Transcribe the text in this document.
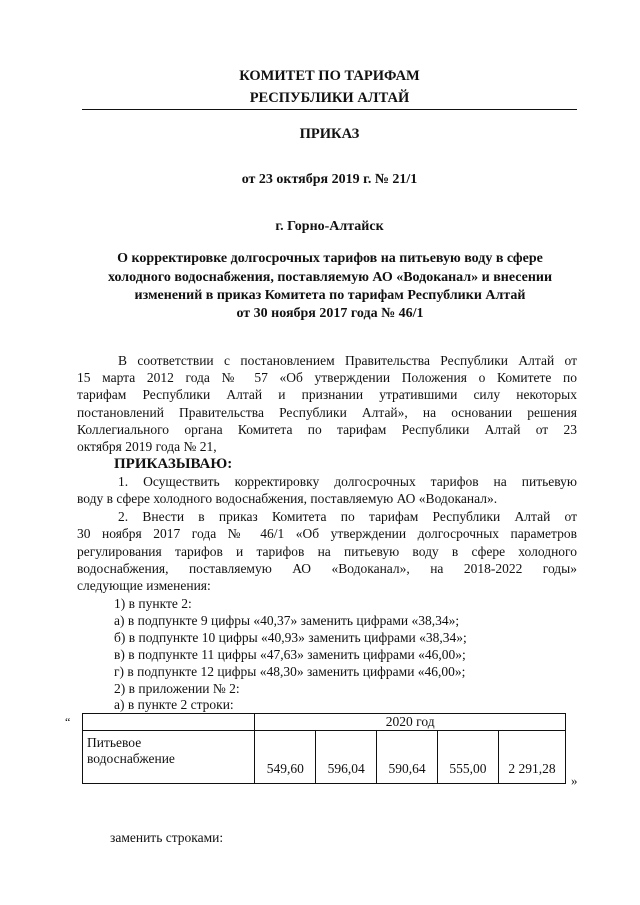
КОМИТЕТ ПО ТАРИФАМ
РЕСПУБЛИКИ АЛТАЙ
ПРИКАЗ
от 23 октября 2019 г. № 21/1
г. Горно-Алтайск
О корректировке долгосрочных тарифов на питьевую воду в сфере
холодного водоснабжения, поставляемую АО «Водоканал» и внесении
изменений в приказ Комитета по тарифам Республики Алтай
от 30 ноября 2017 года № 46/1
В соответствии с постановлением Правительства Республики Алтай от
15 марта 2012 года № 57 «Об утверждении Положения о Комитете по
тарифам Республики Алтай и признании утратившими силу некоторых
постановлений Правительства Республики Алтай», на основании решения
Коллегиального органа Комитета по тарифам Республики Алтай от 23
октября 2019 года № 21,
ПРИКАЗЫВАЮ:
1. Осуществить корректировку долгосрочных тарифов на питьевую
воду в сфере холодного водоснабжения, поставляемую АО «Водоканал».
2. Внести в приказ Комитета по тарифам Республики Алтай от
30 ноября 2017 года № 46/1 «Об утверждении долгосрочных параметров
регулирования тарифов и тарифов на питьевую воду в сфере холодного
водоснабжения, поставляемую АО «Водоканал», на 2018-2022 годы»
следующие изменения:
1) в пункте 2:
а) в подпункте 9 цифры «40,37» заменить цифрами «38,34»;
б) в подпункте 10 цифры «40,93» заменить цифрами «38,34»;
в) в подпункте 11 цифры «47,63» заменить цифрами «46,00»;
г) в подпункте 12 цифры «48,30» заменить цифрами «46,00»;
2) в приложении № 2:
а) в пункте 2 строки:
“
		2020 год				

Питьевое
водоснабжение	549,60	596,04	590,64	555,00	2 291,28
»
заменить строками:
